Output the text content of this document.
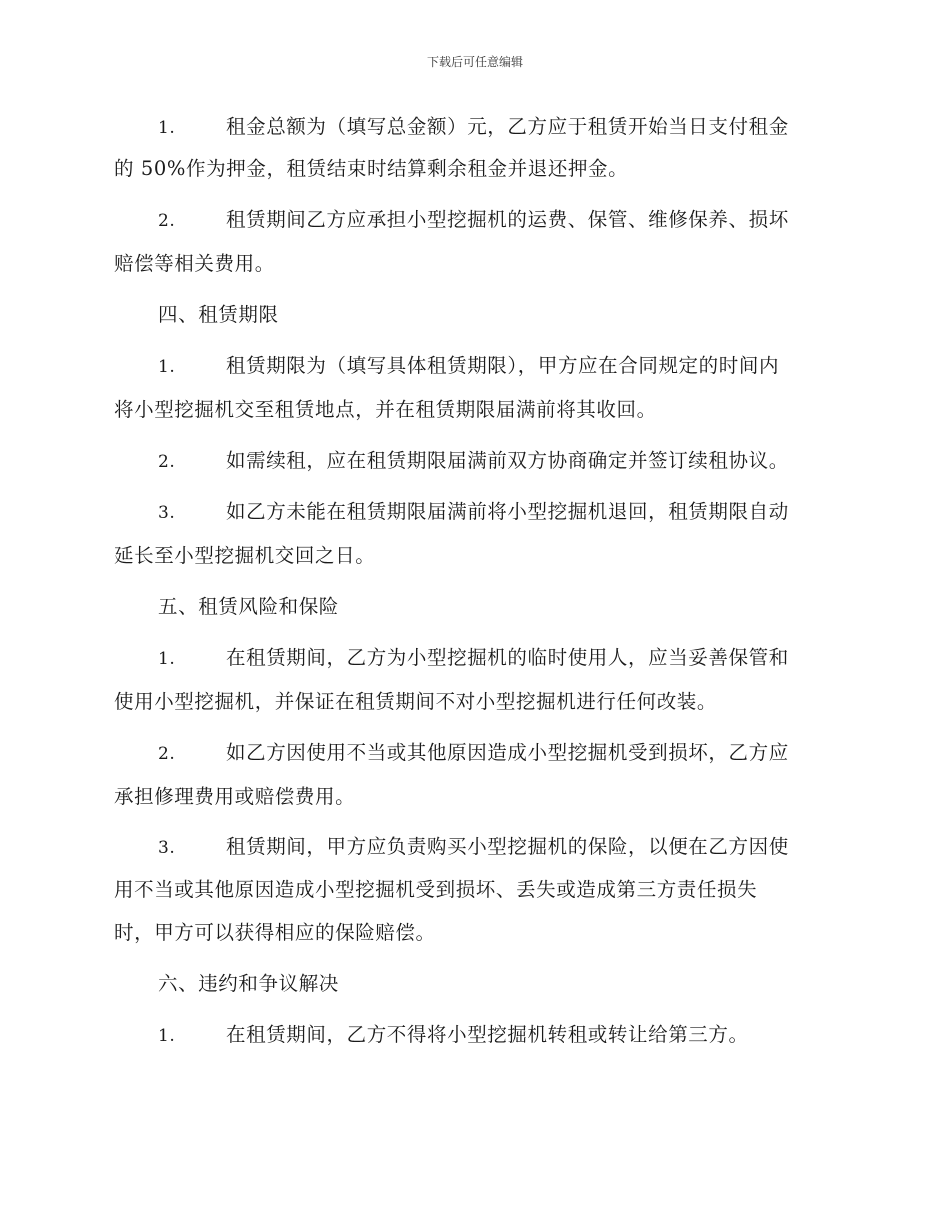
下载后可任意编辑
1.	租金总额为（填写总金额）元，乙方应于租赁开始当日支付租金
的 50%作为押金，租赁结束时结算剩余租金并退还押金。
2.	租赁期间乙方应承担小型挖掘机的运费、保管、维修保养、损坏
赔偿等相关费用。
四、租赁期限
1.	租赁期限为（填写具体租赁期限），甲方应在合同规定的时间内
将小型挖掘机交至租赁地点，并在租赁期限届满前将其收回。
2.	如需续租，应在租赁期限届满前双方协商确定并签订续租协议。
3.	如乙方未能在租赁期限届满前将小型挖掘机退回，租赁期限自动
延长至小型挖掘机交回之日。
五、租赁风险和保险
1.	在租赁期间，乙方为小型挖掘机的临时使用人，应当妥善保管和
使用小型挖掘机，并保证在租赁期间不对小型挖掘机进行任何改装。
2.	如乙方因使用不当或其他原因造成小型挖掘机受到损坏，乙方应
承担修理费用或赔偿费用。
3.	租赁期间，甲方应负责购买小型挖掘机的保险，以便在乙方因使
用不当或其他原因造成小型挖掘机受到损坏、丢失或造成第三方责任损失
时，甲方可以获得相应的保险赔偿。
六、违约和争议解决
1.	在租赁期间，乙方不得将小型挖掘机转租或转让给第三方。
